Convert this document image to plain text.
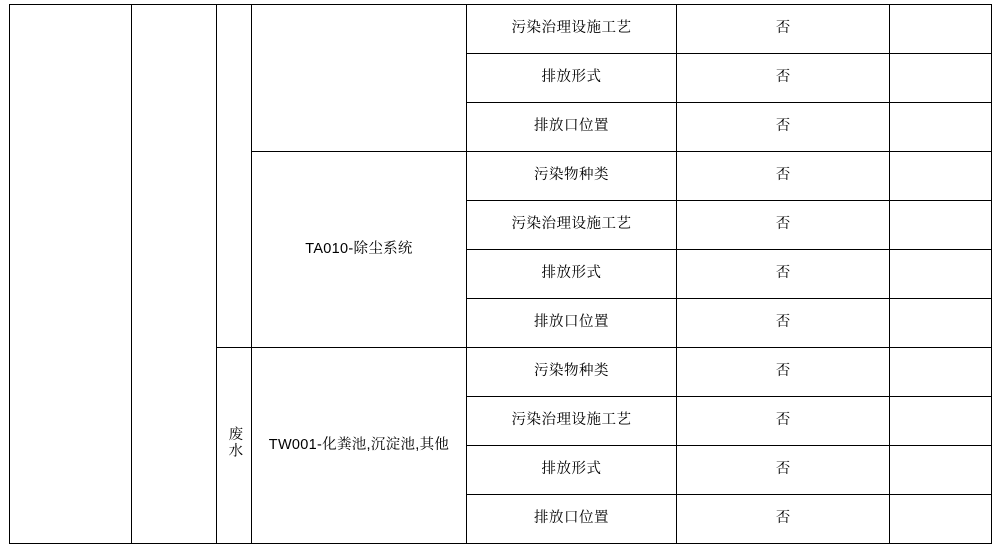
				污染治理设施工艺	否	
				排放形式	否	
				排放口位置	否	
			TA010-除尘系统	污染物种类	否	
				污染治理设施工艺	否	
				排放形式	否	
				排放口位置	否	
		废水	TW001-化粪池,沉淀池,其他	污染物种类	否	
				污染治理设施工艺	否	
				排放形式	否	
				排放口位置	否	
